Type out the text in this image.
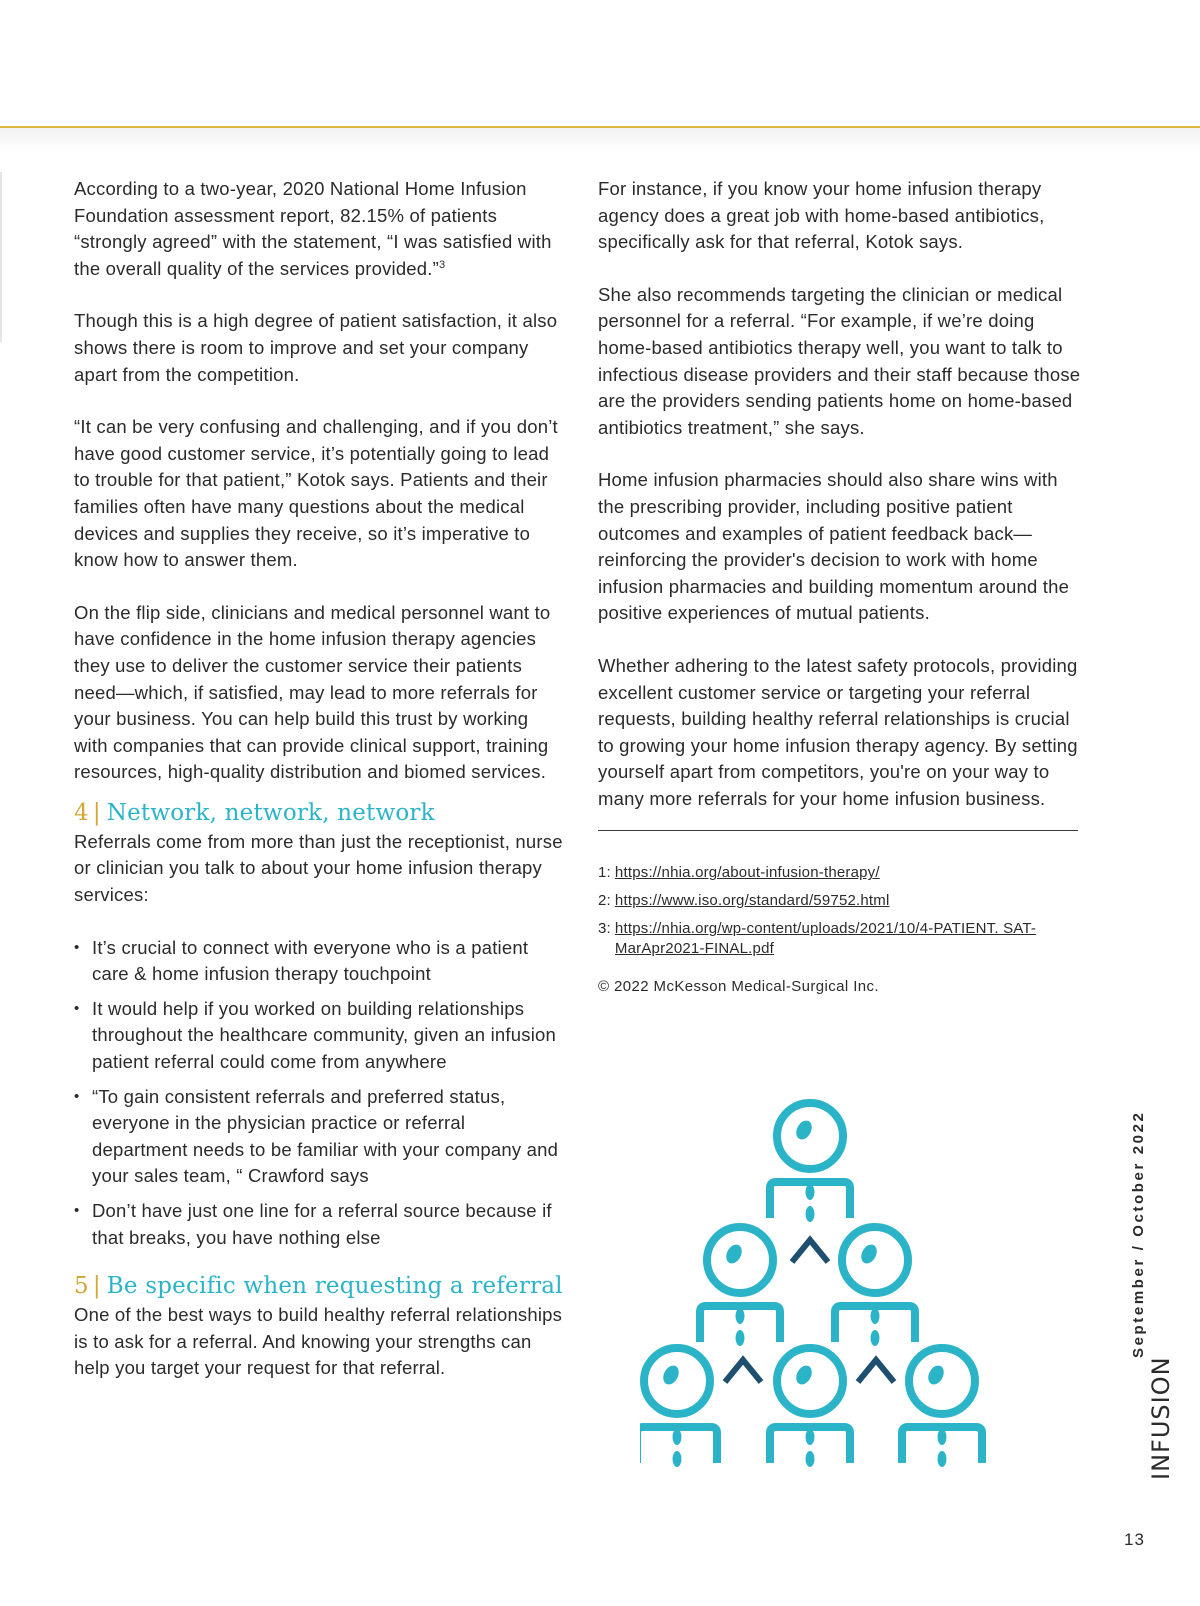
According to a two-year, 2020 National Home Infusion Foundation assessment report, 82.15% of patients “strongly agreed” with the statement, “I was satisfied with the overall quality of the services provided.”$^3$

Though this is a high degree of patient satisfaction, it also shows there is room to improve and set your company apart from the competition.

“It can be very confusing and challenging, and if you don’t have good customer service, it’s potentially going to lead to trouble for that patient,” Kotok says. Patients and their families often have many questions about the medical devices and supplies they receive, so it’s imperative to know how to answer them.

On the flip side, clinicians and medical personnel want to have confidence in the home infusion therapy agencies they use to deliver the customer service their patients need—which, if satisfied, may lead to more referrals for your business. You can help build this trust by working with companies that can provide clinical support, training resources, high-quality distribution and biomed services.

4 | Network, network, network

Referrals come from more than just the receptionist, nurse or clinician you talk to about your home infusion therapy services:

• It’s crucial to connect with everyone who is a patient care & home infusion therapy touchpoint
• It would help if you worked on building relationships throughout the healthcare community, given an infusion patient referral could come from anywhere
• “To gain consistent referrals and preferred status, everyone in the physician practice or referral department needs to be familiar with your company and your sales team, “ Crawford says
• Don’t have just one line for a referral source because if that breaks, you have nothing else
5 | Be specific when requesting a referral

One of the best ways to build healthy referral relationships is to ask for a referral. And knowing your strengths can help you target your request for that referral.

For instance, if you know your home infusion therapy agency does a great job with home-based antibiotics, specifically ask for that referral, Kotok says.

She also recommends targeting the clinician or medical personnel for a referral. “For example, if we’re doing home-based antibiotics therapy well, you want to talk to infectious disease providers and their staff because those are the providers sending patients home on home-based antibiotics treatment,” she says.

Home infusion pharmacies should also share wins with the prescribing provider, including positive patient outcomes and examples of patient feedback back—reinforcing the provider's decision to work with home infusion pharmacies and building momentum around the positive experiences of mutual patients.

Whether adhering to the latest safety protocols, providing excellent customer service or targeting your referral requests, building healthy referral relationships is crucial to growing your home infusion therapy agency. By setting yourself apart from competitors, you're on your way to many more referrals for your home infusion business.

1: https://nhia.org/about-infusion-therapy/
2: https://www.iso.org/standard/59752.html
3: https://nhia.org/wp-content/uploads/2021/10/4-PATIENT. SAT-MarApr2021-FINAL.pdf
© 2022 McKesson Medical-Surgical Inc.
September / October 2022
INFUSION
13
